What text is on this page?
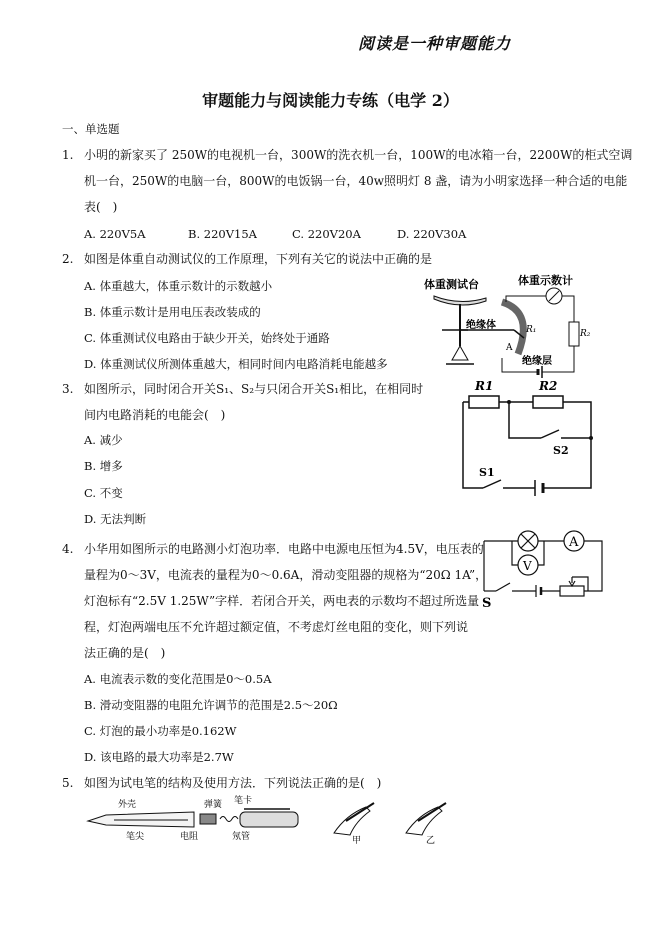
阅读是一种审题能力
审题能力与阅读能力专练（电学 2）
一、单选题
1. 小明的新家买了 250W的电视机一台，300W的洗衣机一台，100W的电冰箱一台，2200W的柜式空调
机一台，250W的电脑一台，800W的电饭锅一台，40w照明灯 8 盏，请为小明家选择一种合适的电能
表(　)
A. 220V5A	B. 220V15A	C. 220V20A	D. 220V30A
2. 如图是体重自动测试仪的工作原理，下列有关它的说法中正确的是
A. 体重越大，体重示数计的示数越小
B. 体重示数计是用电压表改装成的
C. 体重测试仪电路由于缺少开关，始终处于通路
D. 体重测试仪所测体重越大，相同时间内电路消耗电能越多
体重测试台	体重示数计
绝缘体	R₁
A
绝缘层
R₂
3. 如图所示，同时闭合开关S₁、S₂与只闭合开关S₁相比，在相同时
间内电路消耗的电能会(　)
A. 减少
B. 增多
C. 不变
D. 无法判断
R1	R2
S2
S1
4. 小华用如图所示的电路测小灯泡功率．电路中电源电压恒为4.5V，电压表的
量程为0～3V，电流表的量程为0～0.6A，滑动变阻器的规格为“20Ω 1A”，
灯泡标有“2.5V 1.25W”字样．若闭合开关，两电表的示数均不超过所选量
程，灯泡两端电压不允许超过额定值，不考虑灯丝电阻的变化，则下列说
法正确的是(　)
A. 电流表示数的变化范围是0～0.5A
B. 滑动变阻器的电阻允许调节的范围是2.5～20Ω
C. 灯泡的最小功率是0.162W
D. 该电路的最大功率是2.7W
A
V
S
5. 如图为试电笔的结构及使用方法．下列说法正确的是(　)
外壳
笔尖	电阻
弹簧 笔卡
氖管	甲	乙
